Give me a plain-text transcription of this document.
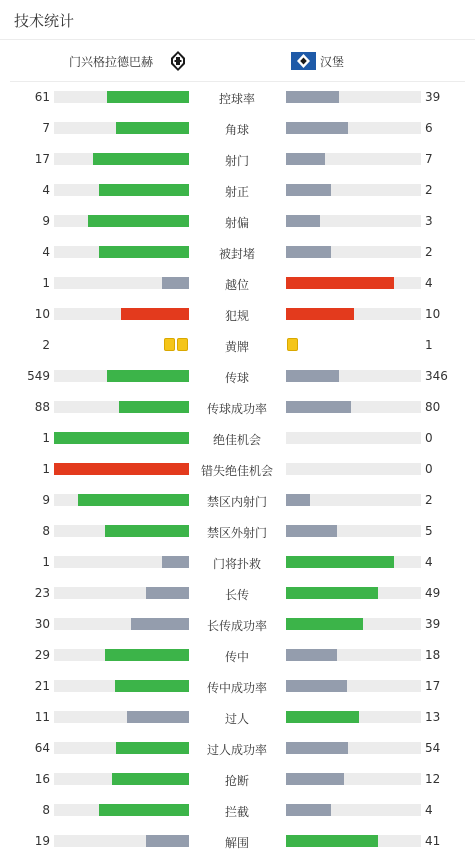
技术统计
门兴格拉德巴赫	汉堡
61	控球率	39
7	角球	6
17	射门	7
4	射正	2
9	射偏	3
4	被封堵	2
1	越位	4
10	犯规	10
2	黄牌	1
549	传球	346
88	传球成功率	80
1	绝佳机会	0
1	错失绝佳机会	0
9	禁区内射门	2
8	禁区外射门	5
1	门将扑救	4
23	长传	49
30	长传成功率	39
29	传中	18
21	传中成功率	17
11	过人	13
64	过人成功率	54
16	抢断	12
8	拦截	4
19	解围	41
